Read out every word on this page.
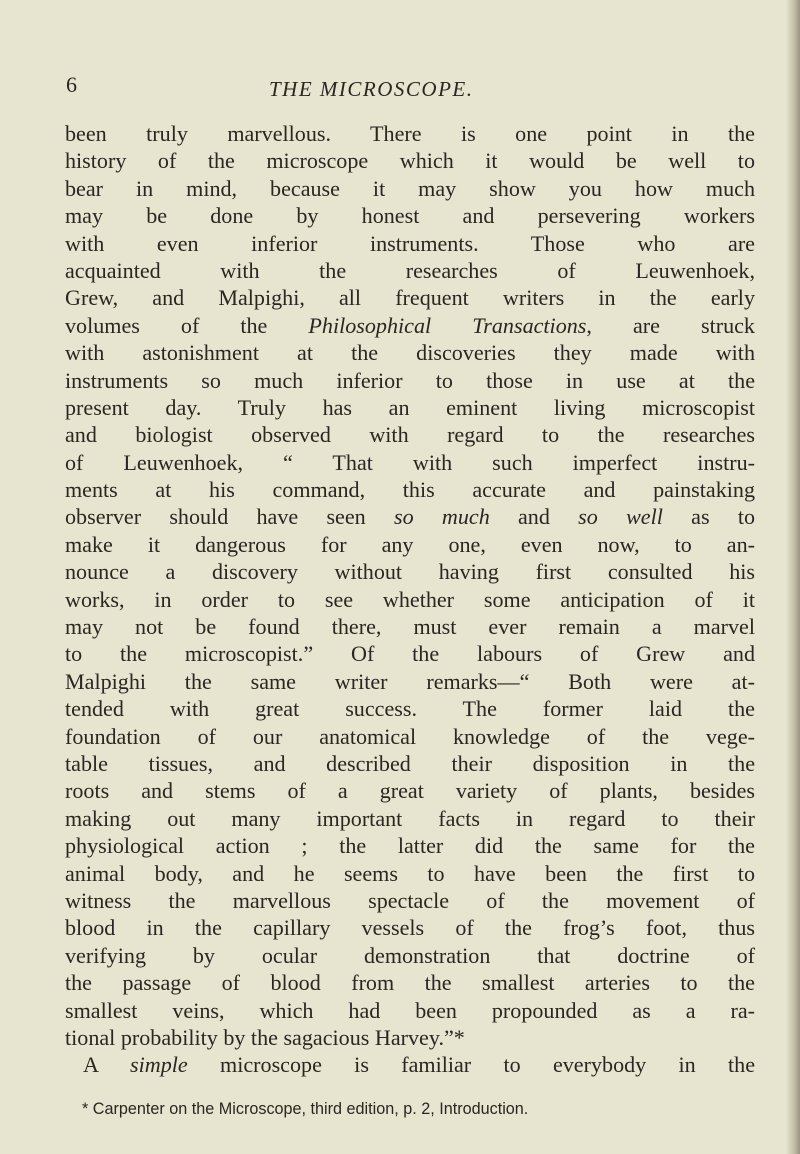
6	THE MICROSCOPE.
been truly marvellous. There is one point in the
history of the microscope which it would be well to
bear in mind, because it may show you how much
may be done by honest and persevering workers
with even inferior instruments. Those who are
acquainted with the researches of Leuwenhoek,
Grew, and Malpighi, all frequent writers in the early
volumes of the Philosophical Transactions, are struck
with astonishment at the discoveries they made with
instruments so much inferior to those in use at the
present day. Truly has an eminent living microscopist
and biologist observed with regard to the researches
of Leuwenhoek, “ That with such imperfect instru-
ments at his command, this accurate and painstaking
observer should have seen so much and so well as to
make it dangerous for any one, even now, to an-
nounce a discovery without having first consulted his
works, in order to see whether some anticipation of it
may not be found there, must ever remain a marvel
to the microscopist.” Of the labours of Grew and
Malpighi the same writer remarks—“ Both were at-
tended with great success. The former laid the
foundation of our anatomical knowledge of the vege-
table tissues, and described their disposition in the
roots and stems of a great variety of plants, besides
making out many important facts in regard to their
physiological action ; the latter did the same for the
animal body, and he seems to have been the first to
witness the marvellous spectacle of the movement of
blood in the capillary vessels of the frog’s foot, thus
verifying by ocular demonstration that doctrine of
the passage of blood from the smallest arteries to the
smallest veins, which had been propounded as a ra-
tional probability by the sagacious Harvey.”*
A simple microscope is familiar to everybody in the
* Carpenter on the Microscope, third edition, p. 2, Introduction.
